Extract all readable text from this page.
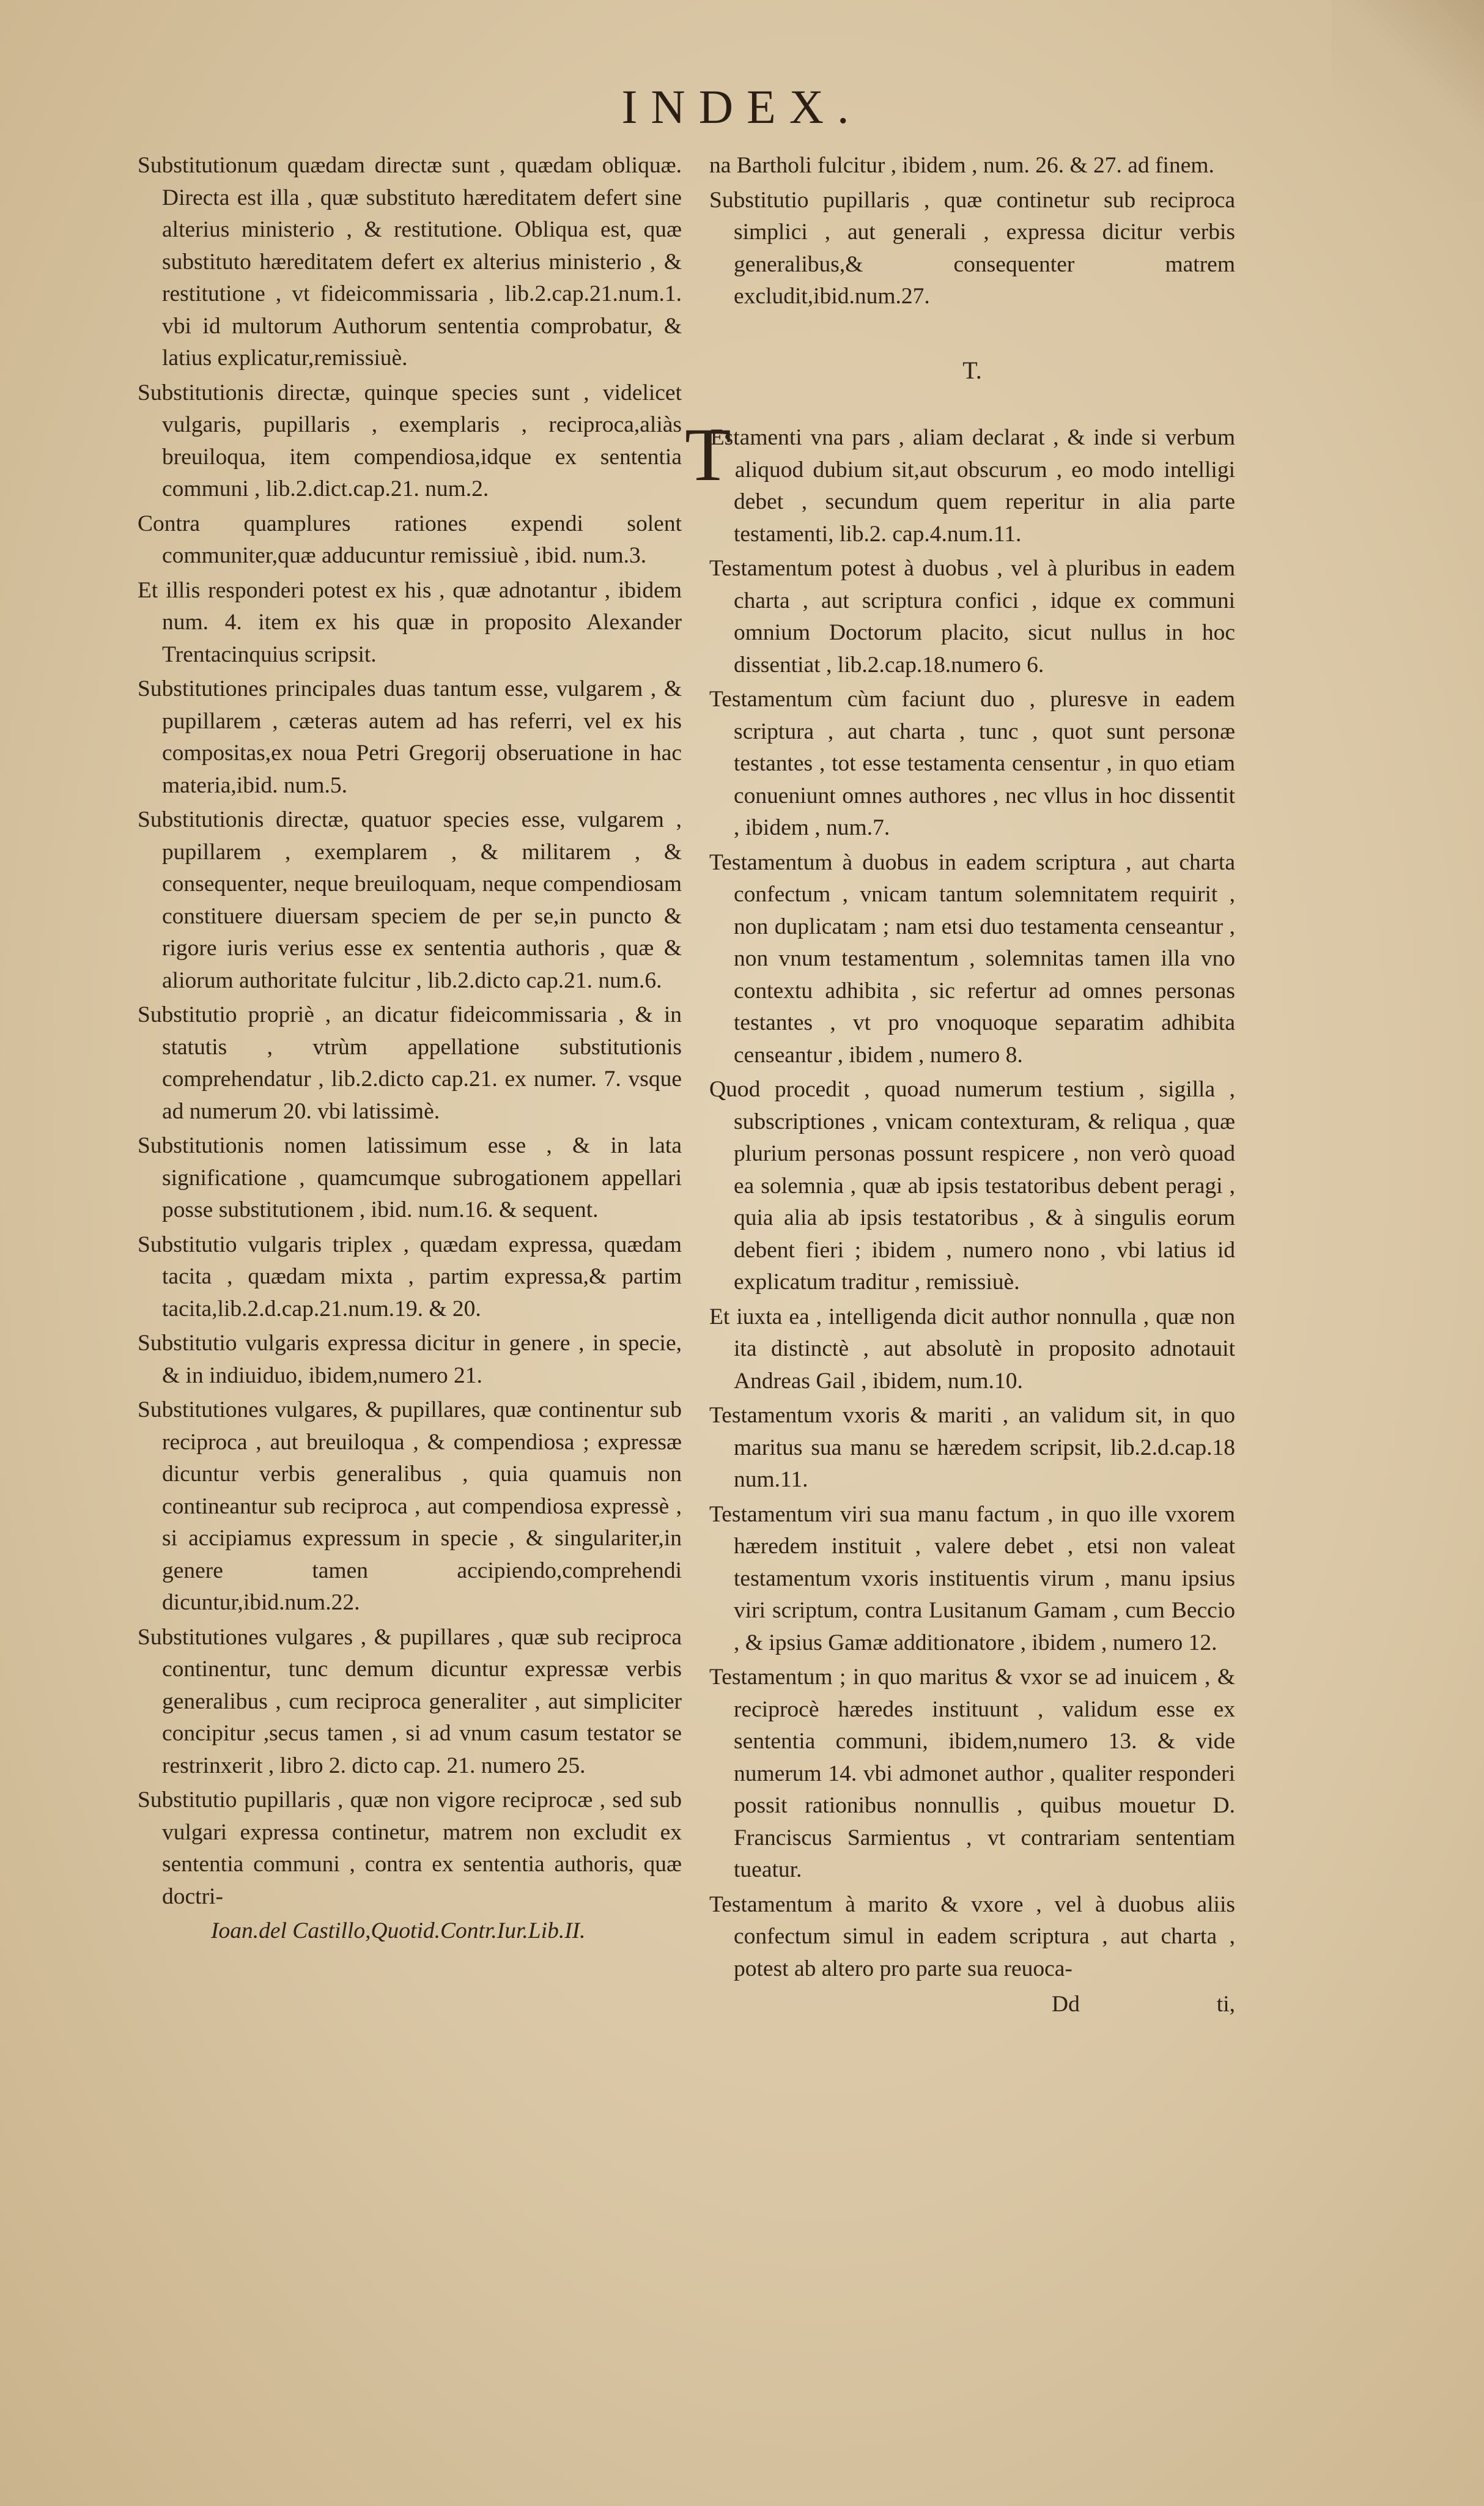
INDEX.

Substitutionum quædam directæ sunt , quædam obliquæ. Directa est illa , quæ substituto hæreditatem defert sine alterius ministerio , & restitutione. Obliqua est, quæ substituto hæreditatem defert ex alterius ministerio , & restitutione , vt fideicommissaria , lib.2.cap.21.num.1. vbi id multorum Authorum sententia comprobatur, & latius explicatur,remissiuè.

Substitutionis directæ, quinque species sunt , videlicet vulgaris, pupillaris , exemplaris , reciproca,aliàs breuiloqua, item compendiosa,idque ex sententia communi , lib.2.dict.cap.21. num.2.

Contra quamplures rationes expendi solent communiter,quæ adducuntur remissiuè , ibid. num.3.

Et illis responderi potest ex his , quæ adnotantur , ibidem num. 4. item ex his quæ in proposito Alexander Trentacinquius scripsit.

Substitutiones principales duas tantum esse, vulgarem , & pupillarem , cæteras autem ad has referri, vel ex his compositas,ex noua Petri Gregorij obseruatione in hac materia,ibid. num.5.

Substitutionis directæ, quatuor species esse, vulgarem , pupillarem , exemplarem , & militarem , & consequenter, neque breuiloquam, neque compendiosam constituere diuersam speciem de per se,in puncto & rigore iuris verius esse ex sententia authoris , quæ & aliorum authoritate fulcitur , lib.2.dicto cap.21. num.6.

Substitutio propriè , an dicatur fideicommissaria , & in statutis , vtrùm appellatione substitutionis comprehendatur , lib.2.dicto cap.21. ex numer. 7. vsque ad numerum 20. vbi latissimè.

Substitutionis nomen latissimum esse , & in lata significatione , quamcumque subrogationem appellari posse substitutionem , ibid. num.16. & sequent.

Substitutio vulgaris triplex , quædam expressa, quædam tacita , quædam mixta , partim expressa,& partim tacita,lib.2.d.cap.21.num.19. & 20.

Substitutio vulgaris expressa dicitur in genere , in specie, & in indiuiduo, ibidem,numero 21.

Substitutiones vulgares, & pupillares, quæ continentur sub reciproca , aut breuiloqua , & compendiosa ; expressæ dicuntur verbis generalibus , quia quamuis non contineantur sub reciproca , aut compendiosa expressè , si accipiamus expressum in specie , & singulariter,in genere tamen accipiendo,comprehendi dicuntur,ibid.num.22.

Substitutiones vulgares , & pupillares , quæ sub reciproca continentur, tunc demum dicuntur expressæ verbis generalibus , cum reciproca generaliter , aut simpliciter concipitur ,secus tamen , si ad vnum casum testator se restrinxerit , libro 2. dicto cap. 21. numero 25.

Substitutio pupillaris , quæ non vigore reciprocæ , sed sub vulgari expressa continetur, matrem non excludit ex sententia communi , contra ex sententia authoris, quæ doctri-

Ioan.del Castillo,Quotid.Contr.Iur.Lib.II.

na Bartholi fulcitur , ibidem , num. 26. & 27. ad finem.

Substitutio pupillaris , quæ continetur sub reciproca simplici , aut generali , expressa dicitur verbis generalibus,& consequenter matrem excludit,ibid.num.27.

T.

T
Estamenti vna pars , aliam declarat , & inde si verbum aliquod dubium sit,aut obscurum , eo modo intelligi debet , secundum quem reperitur in alia parte testamenti, lib.2. cap.4.num.11.

Testamentum potest à duobus , vel à pluribus in eadem charta , aut scriptura confici , idque ex communi omnium Doctorum placito, sicut nullus in hoc dissentiat , lib.2.cap.18.numero 6.

Testamentum cùm faciunt duo , pluresve in eadem scriptura , aut charta , tunc , quot sunt personæ testantes , tot esse testamenta censentur , in quo etiam conueniunt omnes authores , nec vllus in hoc dissentit , ibidem , num.7.

Testamentum à duobus in eadem scriptura , aut charta confectum , vnicam tantum solemnitatem requirit , non duplicatam ; nam etsi duo testamenta censeantur , non vnum testamentum , solemnitas tamen illa vno contextu adhibita , sic refertur ad omnes personas testantes , vt pro vnoquoque separatim adhibita censeantur , ibidem , numero 8.

Quod procedit , quoad numerum testium , sigilla , subscriptiones , vnicam contexturam, & reliqua , quæ plurium personas possunt respicere , non verò quoad ea solemnia , quæ ab ipsis testatoribus debent peragi , quia alia ab ipsis testatoribus , & à singulis eorum debent fieri ; ibidem , numero nono , vbi latius id explicatum traditur , remissiuè.

Et iuxta ea , intelligenda dicit author nonnulla , quæ non ita distinctè , aut absolutè in proposito adnotauit Andreas Gail , ibidem, num.10.

Testamentum vxoris & mariti , an validum sit, in quo maritus sua manu se hæredem scripsit, lib.2.d.cap.18 num.11.

Testamentum viri sua manu factum , in quo ille vxorem hæredem instituit , valere debet , etsi non valeat testamentum vxoris instituentis virum , manu ipsius viri scriptum, contra Lusitanum Gamam , cum Beccio , & ipsius Gamæ additionatore , ibidem , numero 12.

Testamentum ; in quo maritus & vxor se ad inuicem , & reciprocè hæredes instituunt , validum esse ex sententia communi, ibidem,numero 13. & vide numerum 14. vbi admonet author , qualiter responderi possit rationibus nonnullis , quibus mouetur D. Franciscus Sarmientus , vt contrariam sententiam tueatur.

Testamentum à marito & vxore , vel à duobus aliis confectum simul in eadem scriptura , aut charta , potest ab altero pro parte sua reuoca-

Dd	ti,
